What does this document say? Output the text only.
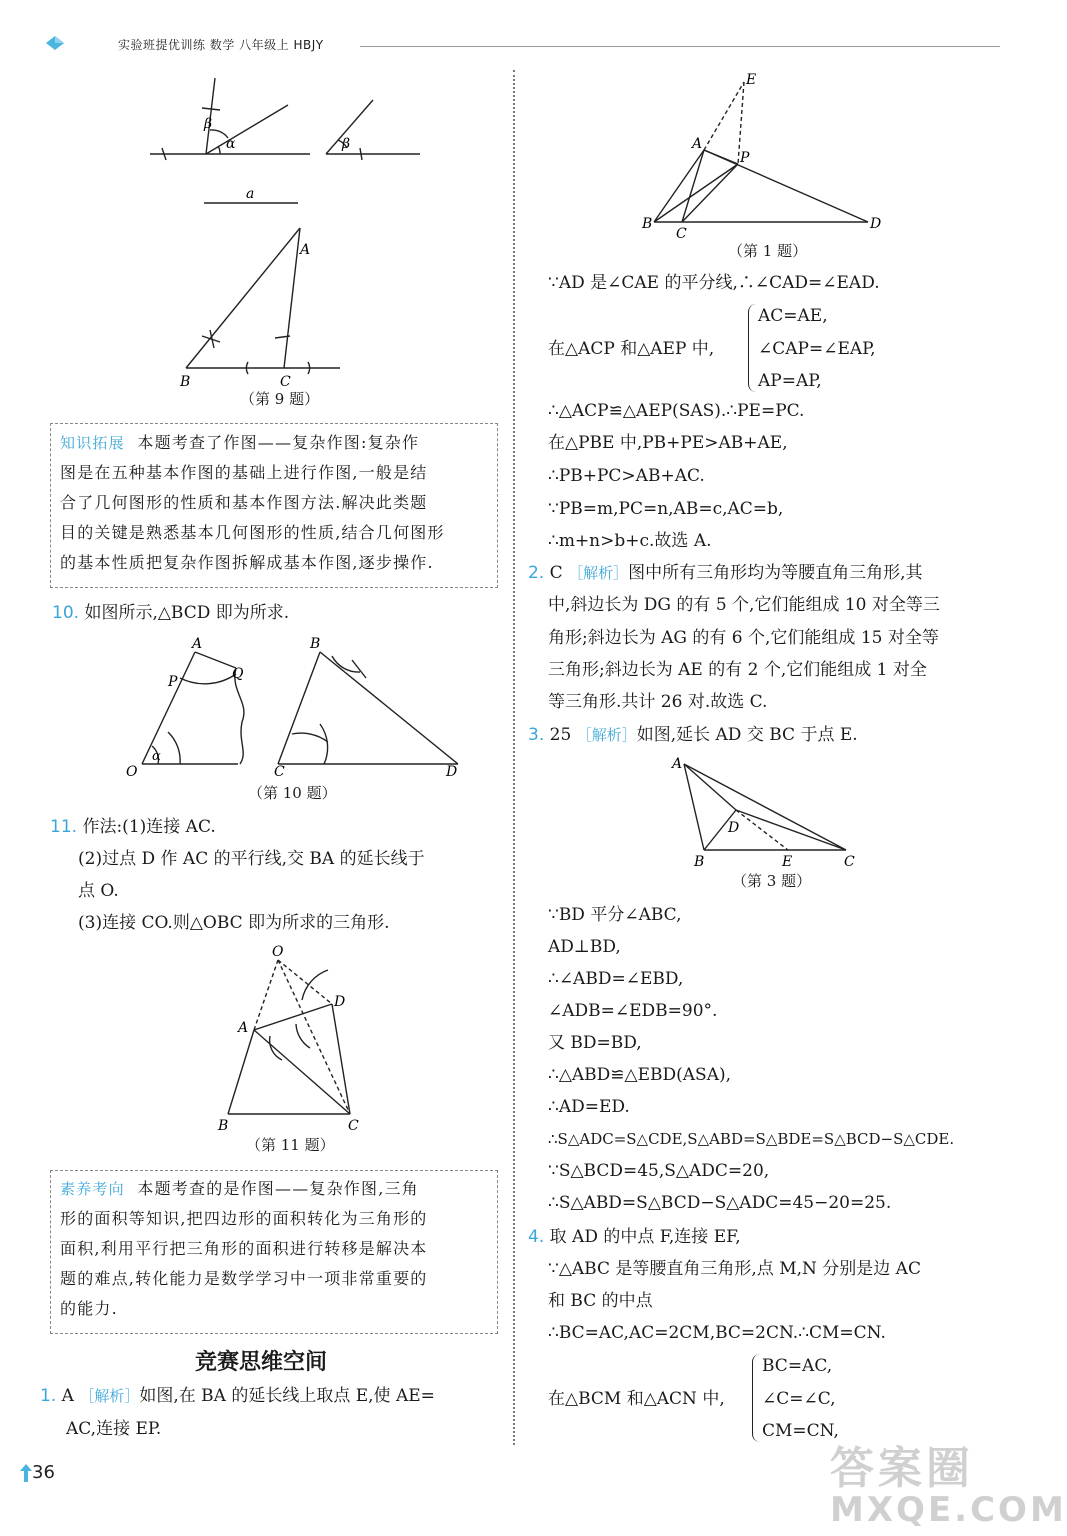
实验班提优训练 数学 八年级上 HBJY
β
α	β
a
A
B	C
（第 9 题）
知识拓展 本题考查了作图——复杂作图:复杂作
图是在五种基本作图的基础上进行作图,一般是结
合了几何图形的性质和基本作图方法.解决此类题
目的关键是熟悉基本几何图形的性质,结合几何图形
的基本性质把复杂作图拆解成基本作图,逐步操作.
10. 如图所示,△BCD 即为所求.
A
P	Q
O
α
B
C	D
（第 10 题）
11. 作法:(1)连接 AC.
(2)过点 D 作 AC 的平行线,交 BA 的延长线于
点 O.
(3)连接 CO.则△OBC 即为所求的三角形.
O
D
A
B	C
（第 11 题）
素养考向 本题考查的是作图——复杂作图,三角
形的面积等知识,把四边形的面积转化为三角形的
面积,利用平行把三角形的面积进行转移是解决本
题的难点,转化能力是数学学习中一项非常重要的
的能力.
竞赛思维空间
1. A ［解析］如图,在 BA 的延长线上取点 E,使 AE=
AC,连接 EP.
E
A
P
B
C
D
（第 1 题）
∵AD 是∠CAE 的平分线,∴∠CAD=∠EAD.
在△ACP 和△AEP 中,
AC=AE,
∠CAP=∠EAP,
AP=AP,
∴△ACP≌△AEP(SAS).∴PE=PC.
在△PBE 中,PB+PE>AB+AE,
∴PB+PC>AB+AC.
∵PB=m,PC=n,AB=c,AC=b,
∴m+n>b+c.故选 A.
2. C ［解析］图中所有三角形均为等腰直角三角形,其
中,斜边长为 DG 的有 5 个,它们能组成 10 对全等三
角形;斜边长为 AG 的有 6 个,它们能组成 15 对全等
三角形;斜边长为 AE 的有 2 个,它们能组成 1 对全
等三角形.共计 26 对.故选 C.
3. 25 ［解析］如图,延长 AD 交 BC 于点 E.
A
D
B	E	C
（第 3 题）
∵BD 平分∠ABC,
AD⊥BD,
∴∠ABD=∠EBD,
∠ADB=∠EDB=90°.
又 BD=BD,
∴△ABD≌△EBD(ASA),
∴AD=ED.
∴S△ADC=S△CDE,S△ABD=S△BDE=S△BCD−S△CDE.
∵S△BCD=45,S△ADC=20,
∴S△ABD=S△BCD−S△ADC=45−20=25.
4. 取 AD 的中点 F,连接 EF,
∵△ABC 是等腰直角三角形,点 M,N 分别是边 AC
和 BC 的中点
∴BC=AC,AC=2CM,BC=2CN.∴CM=CN.
在△BCM 和△ACN 中,
BC=AC,
∠C=∠C,
CM=CN,
36	答案圈
MXQE.COM
